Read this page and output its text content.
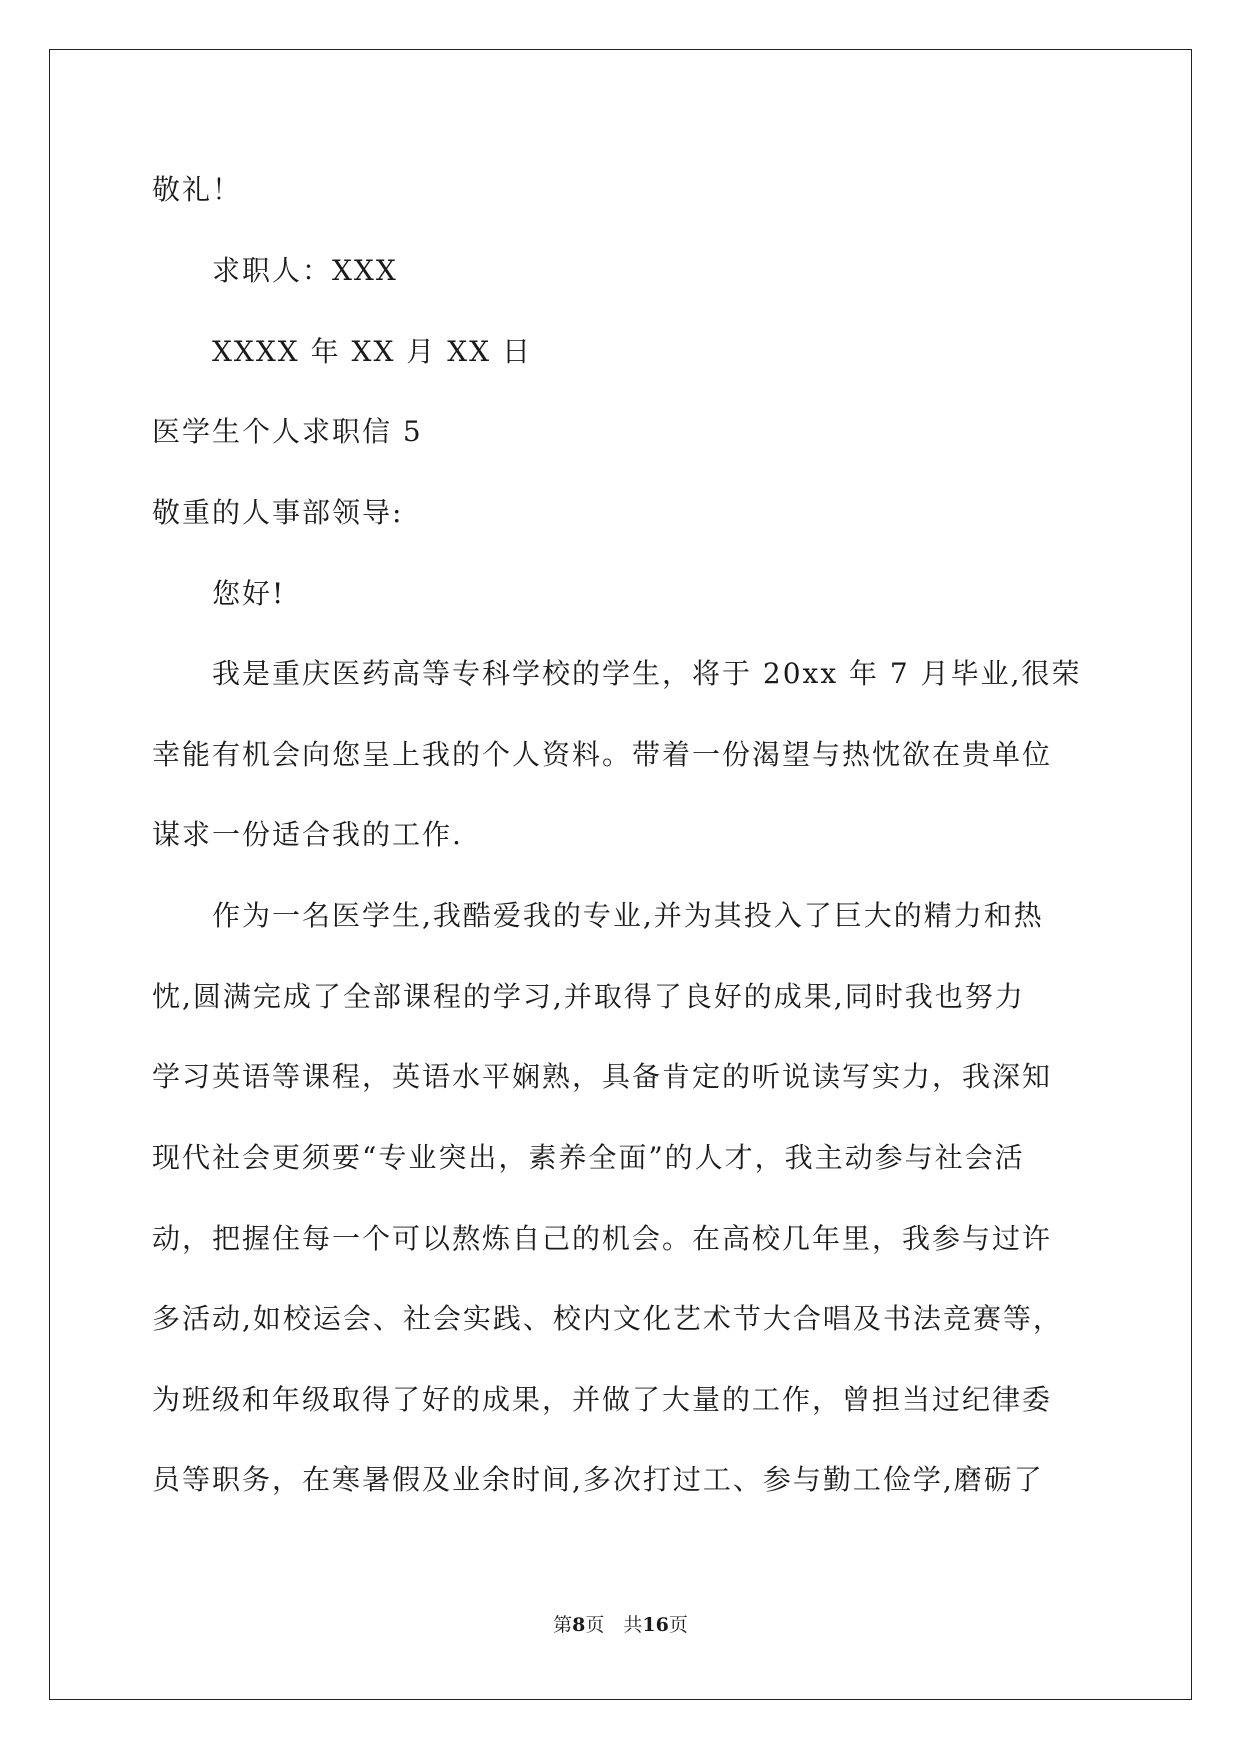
敬礼！
求职人：XXX
XXXX 年 XX 月 XX 日
医学生个人求职信 5
敬重的人事部领导:
您好!
我是重庆医药高等专科学校的学生，将于 20xx 年 7 月毕业,很荣
幸能有机会向您呈上我的个人资料。带着一份渴望与热忱欲在贵单位
谋求一份适合我的工作.
作为一名医学生,我酷爱我的专业,并为其投入了巨大的精力和热
忱,圆满完成了全部课程的学习,并取得了良好的成果,同时我也努力
学习英语等课程，英语水平娴熟，具备肯定的听说读写实力，我深知
现代社会更须要“专业突出，素养全面”的人才，我主动参与社会活
动，把握住每一个可以熬炼自己的机会。在高校几年里，我参与过许
多活动,如校运会、社会实践、校内文化艺术节大合唱及书法竞赛等，
为班级和年级取得了好的成果，并做了大量的工作，曾担当过纪律委
员等职务，在寒暑假及业余时间,多次打过工、参与勤工俭学,磨砺了
第8页　共16页
